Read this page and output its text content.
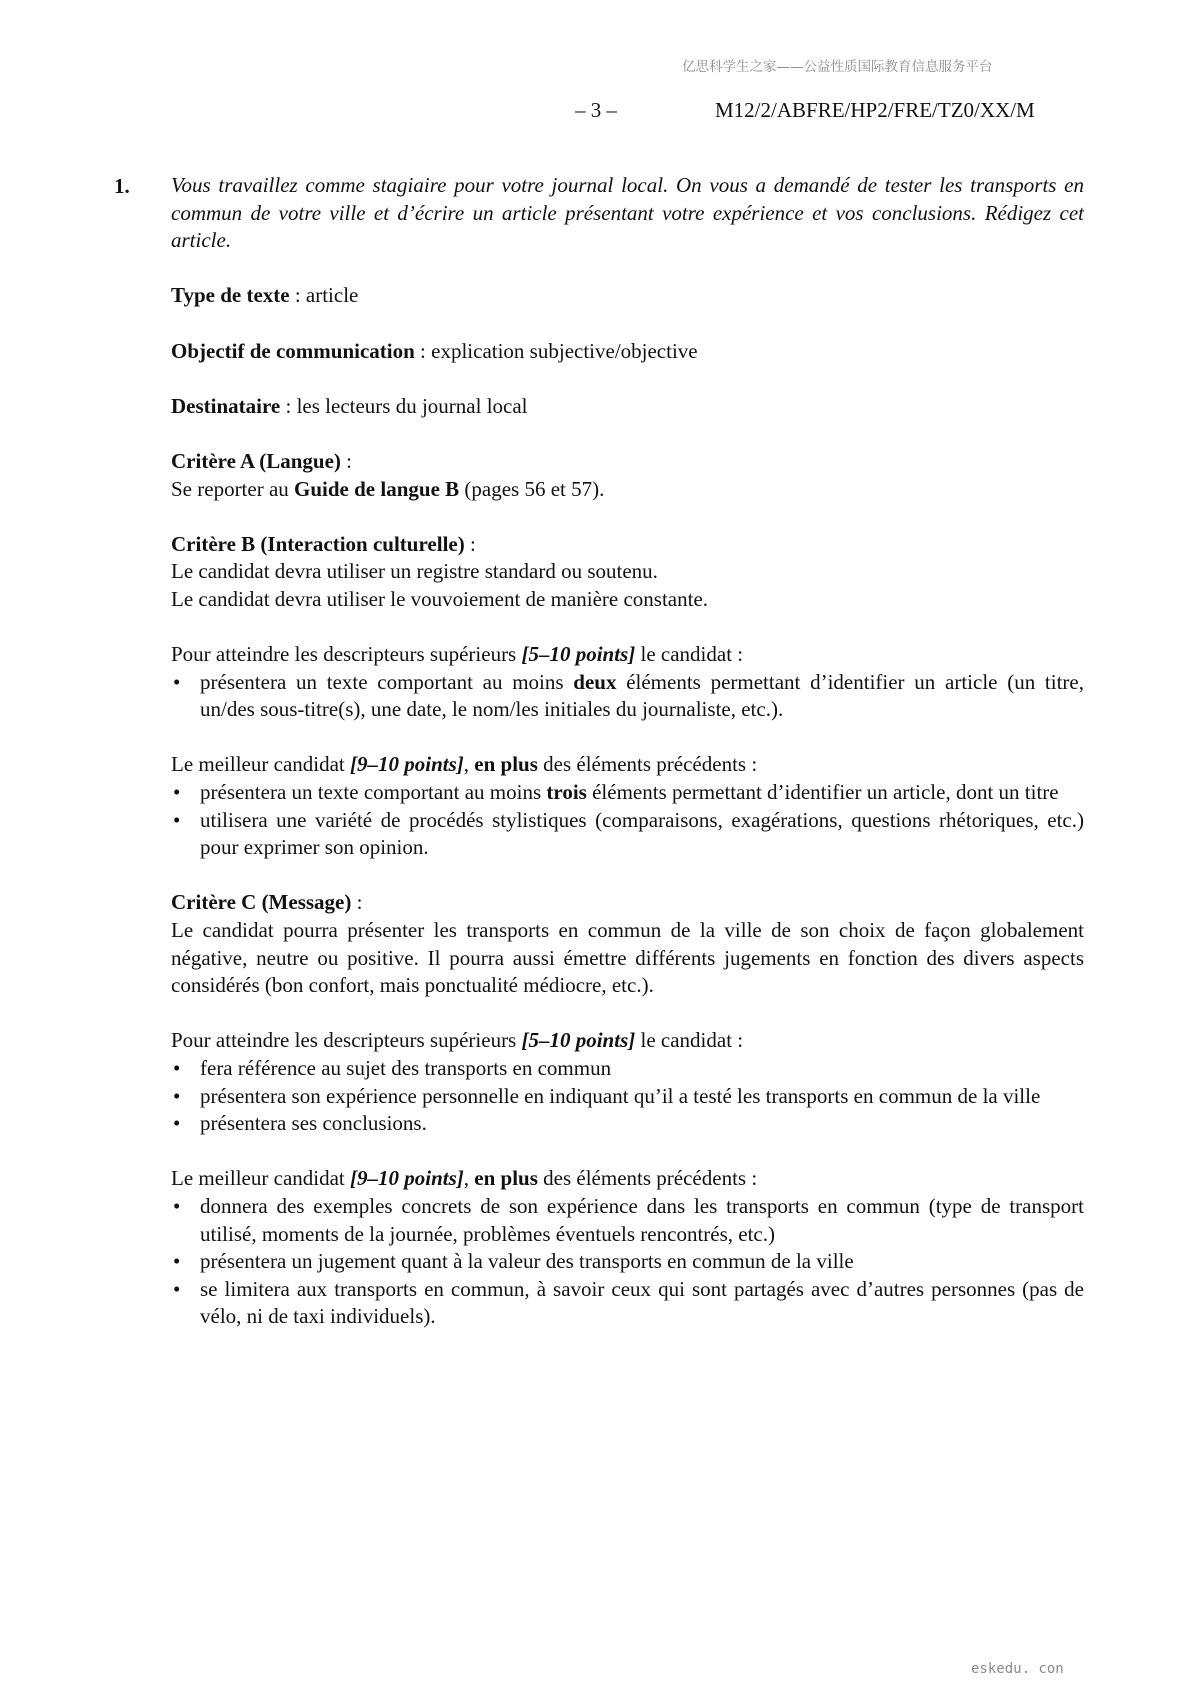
亿思科学生之家——公益性质国际教育信息服务平台
– 3 –	M12/2/ABFRE/HP2/FRE/TZ0/XX/M
1. Vous travaillez comme stagiaire pour votre journal local. On vous a demandé de tester les transports en commun de votre ville et d’écrire un article présentant votre expérience et vos conclusions. Rédigez cet article.

Type de texte : article

Objectif de communication : explication subjective/objective

Destinataire : les lecteurs du journal local

Critère A (Langue) :

Se reporter au Guide de langue B (pages 56 et 57).

Critère B (Interaction culturelle) :

Le candidat devra utiliser un registre standard ou soutenu.

Le candidat devra utiliser le vouvoiement de manière constante.

Pour atteindre les descripteurs supérieurs [5–10 points] le candidat :

• présentera un texte comportant au moins deux éléments permettant d’identifier un article (un titre, un/des sous-titre(s), une date, le nom/les initiales du journaliste, etc.).

Le meilleur candidat [9–10 points], en plus des éléments précédents :

• présentera un texte comportant au moins trois éléments permettant d’identifier un article, dont un titre
• utilisera une variété de procédés stylistiques (comparaisons, exagérations, questions rhétoriques, etc.) pour exprimer son opinion.

Critère C (Message) :

Le candidat pourra présenter les transports en commun de la ville de son choix de façon globalement négative, neutre ou positive. Il pourra aussi émettre différents jugements en fonction des divers aspects considérés (bon confort, mais ponctualité médiocre, etc.).

Pour atteindre les descripteurs supérieurs [5–10 points] le candidat :

• fera référence au sujet des transports en commun
• présentera son expérience personnelle en indiquant qu’il a testé les transports en commun de la ville
• présentera ses conclusions.

Le meilleur candidat [9–10 points], en plus des éléments précédents :

• donnera des exemples concrets de son expérience dans les transports en commun (type de transport utilisé, moments de la journée, problèmes éventuels rencontrés, etc.)
• présentera un jugement quant à la valeur des transports en commun de la ville
• se limitera aux transports en commun, à savoir ceux qui sont partagés avec d’autres personnes (pas de vélo, ni de taxi individuels).
eskedu. con
